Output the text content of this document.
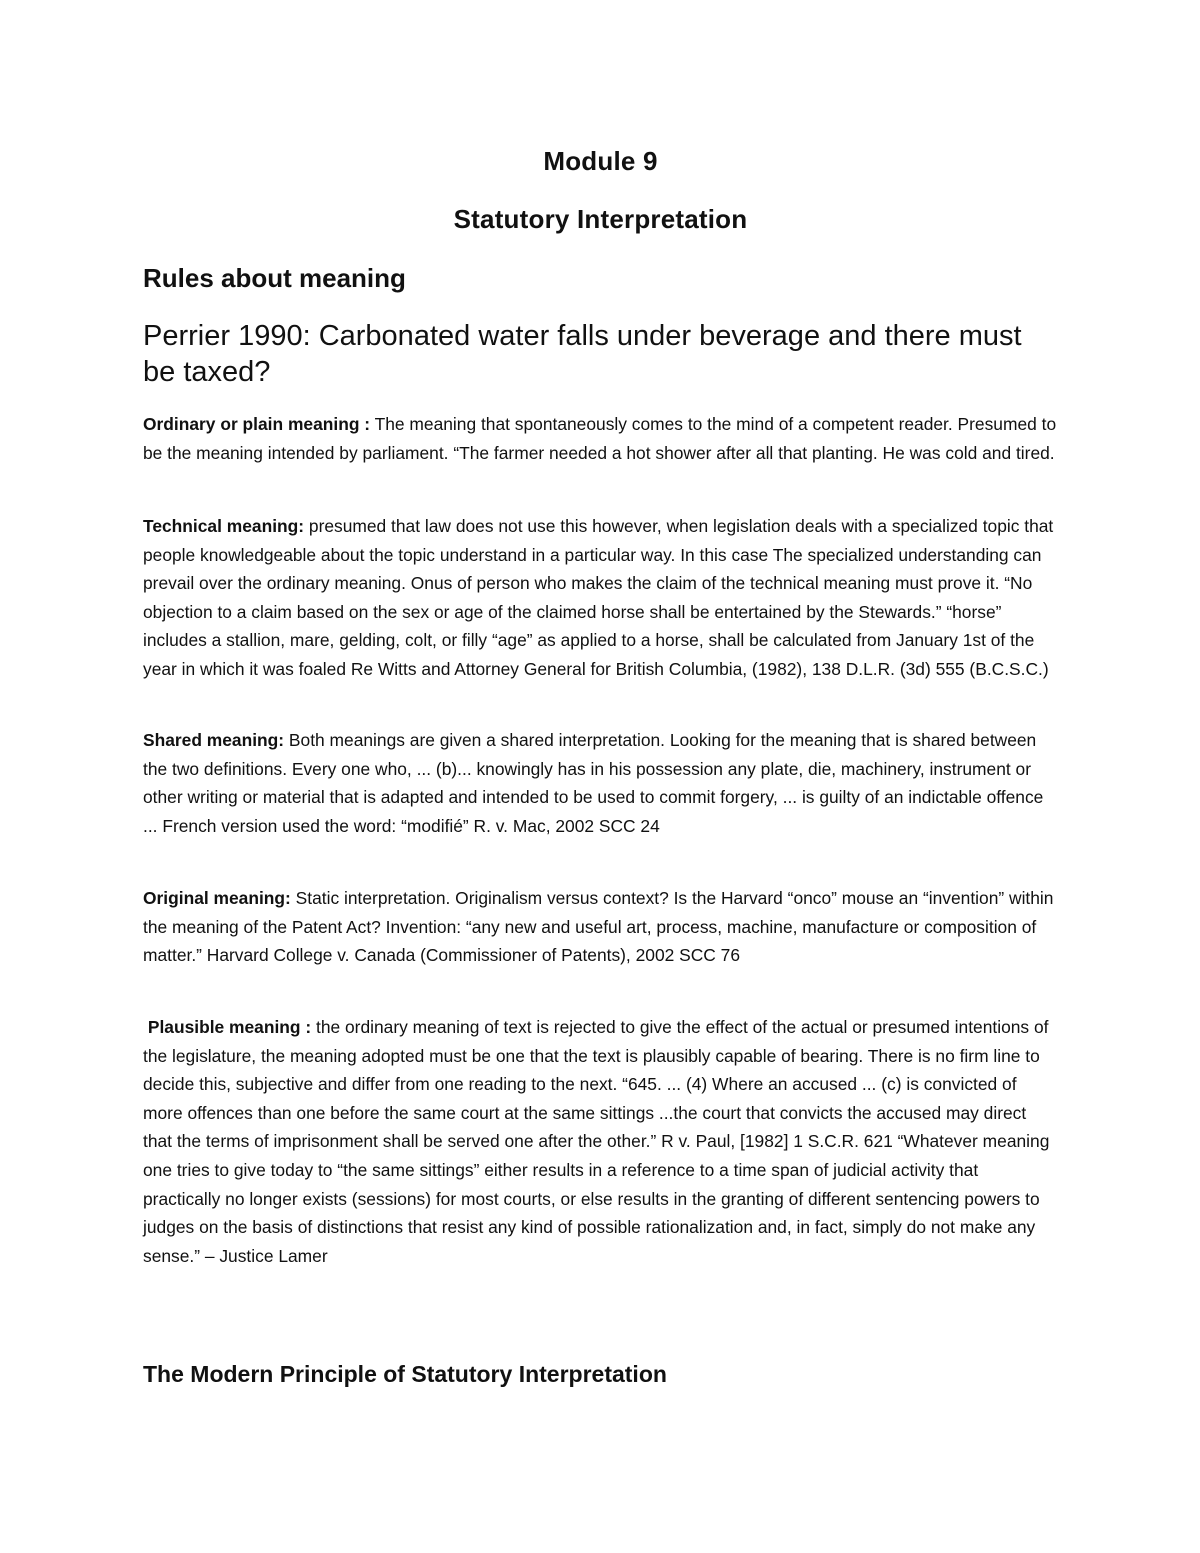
Module 9
Statutory Interpretation
Rules about meaning
Perrier 1990: Carbonated water falls under beverage and there must be taxed?

Ordinary or plain meaning : The meaning that spontaneously comes to the mind of a competent reader. Presumed to be the meaning intended by parliament. “The farmer needed a hot shower after all that planting. He was cold and tired.

Technical meaning: presumed that law does not use this however, when legislation deals with a specialized topic that people knowledgeable about the topic understand in a particular way. In this case The specialized understanding can prevail over the ordinary meaning. Onus of person who makes the claim of the technical meaning must prove it. “No objection to a claim based on the sex or age of the claimed horse shall be entertained by the Stewards.” “horse” includes a stallion, mare, gelding, colt, or filly “age” as applied to a horse, shall be calculated from January 1st of the year in which it was foaled Re Witts and Attorney General for British Columbia, (1982), 138 D.L.R. (3d) 555 (B.C.S.C.)

Shared meaning: Both meanings are given a shared interpretation. Looking for the meaning that is shared between the two definitions. Every one who, ... (b)... knowingly has in his possession any plate, die, machinery, instrument or other writing or material that is adapted and intended to be used to commit forgery, ... is guilty of an indictable offence ... French version used the word: “modifié” R. v. Mac, 2002 SCC 24

Original meaning: Static interpretation. Originalism versus context? Is the Harvard “onco” mouse an “invention” within the meaning of the Patent Act? Invention: “any new and useful art, process, machine, manufacture or composition of matter.” Harvard College v. Canada (Commissioner of Patents), 2002 SCC 76

Plausible meaning : the ordinary meaning of text is rejected to give the effect of the actual or presumed intentions of the legislature, the meaning adopted must be one that the text is plausibly capable of bearing. There is no firm line to decide this, subjective and differ from one reading to the next. “645. ... (4) Where an accused ... (c) is convicted of more offences than one before the same court at the same sittings ...the court that convicts the accused may direct that the terms of imprisonment shall be served one after the other.” R v. Paul, [1982] 1 S.C.R. 621 “Whatever meaning one tries to give today to “the same sittings” either results in a reference to a time span of judicial activity that practically no longer exists (sessions) for most courts, or else results in the granting of different sentencing powers to judges on the basis of distinctions that resist any kind of possible rationalization and, in fact, simply do not make any sense.” – Justice Lamer

The Modern Principle of Statutory Interpretation
